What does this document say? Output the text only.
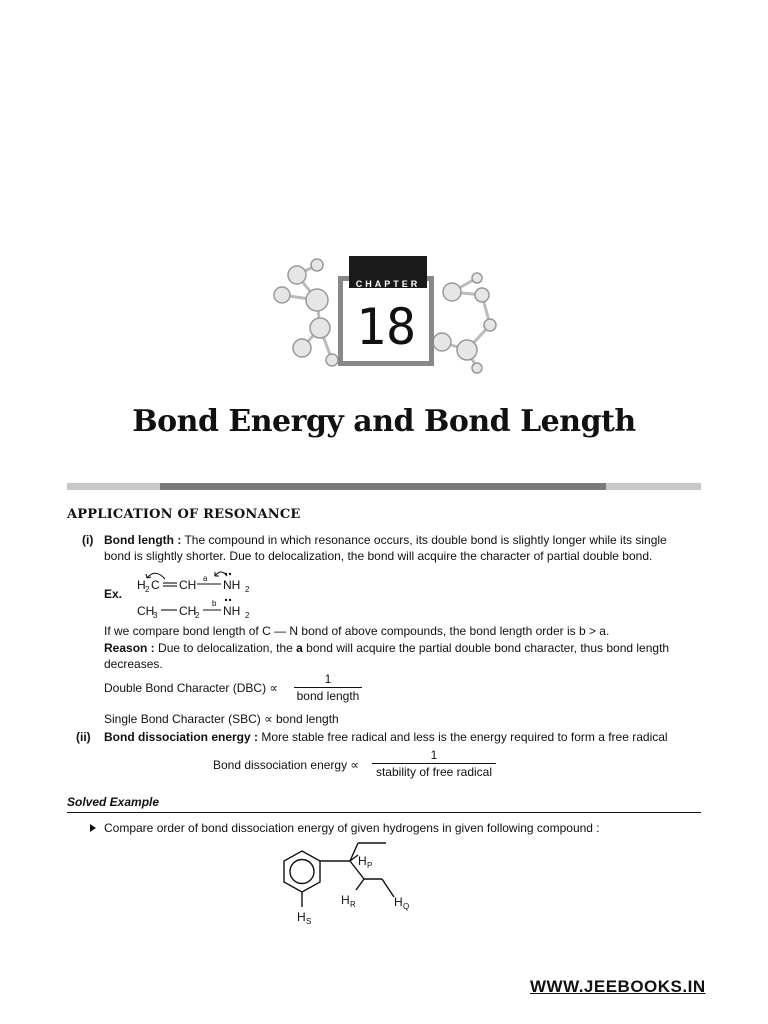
CHAPTER
18
Bond Energy and Bond Length
APPLICATION OF RESONANCE
(i) Bond length : The compound in which resonance occurs, its double bond is slightly longer while its single
bond is slightly shorter. Due to delocalization, the bond will acquire the character of partial double bond.
Ex.
H 2 C CH NH 2
a
CH
3 CH
2 NH 2
b
If we compare bond length of C — N bond of above compounds, the bond length order is b > a.
Reason : Due to delocalization, the a bond will acquire the partial double bond character, thus bond length
decreases.
Double Bond Character (DBC) ∝
1
bond length
Single Bond Character (SBC) ∝ bond length
(ii) Bond dissociation energy : More stable free radical and less is the energy required to form a free radical
Bond dissociation energy ∝
1
stability of free radical
Solved Example
Compare order of bond dissociation energy of given hydrogens in given following compound :
H P
H R	H Q
H S
WWW.JEEBOOKS.IN
